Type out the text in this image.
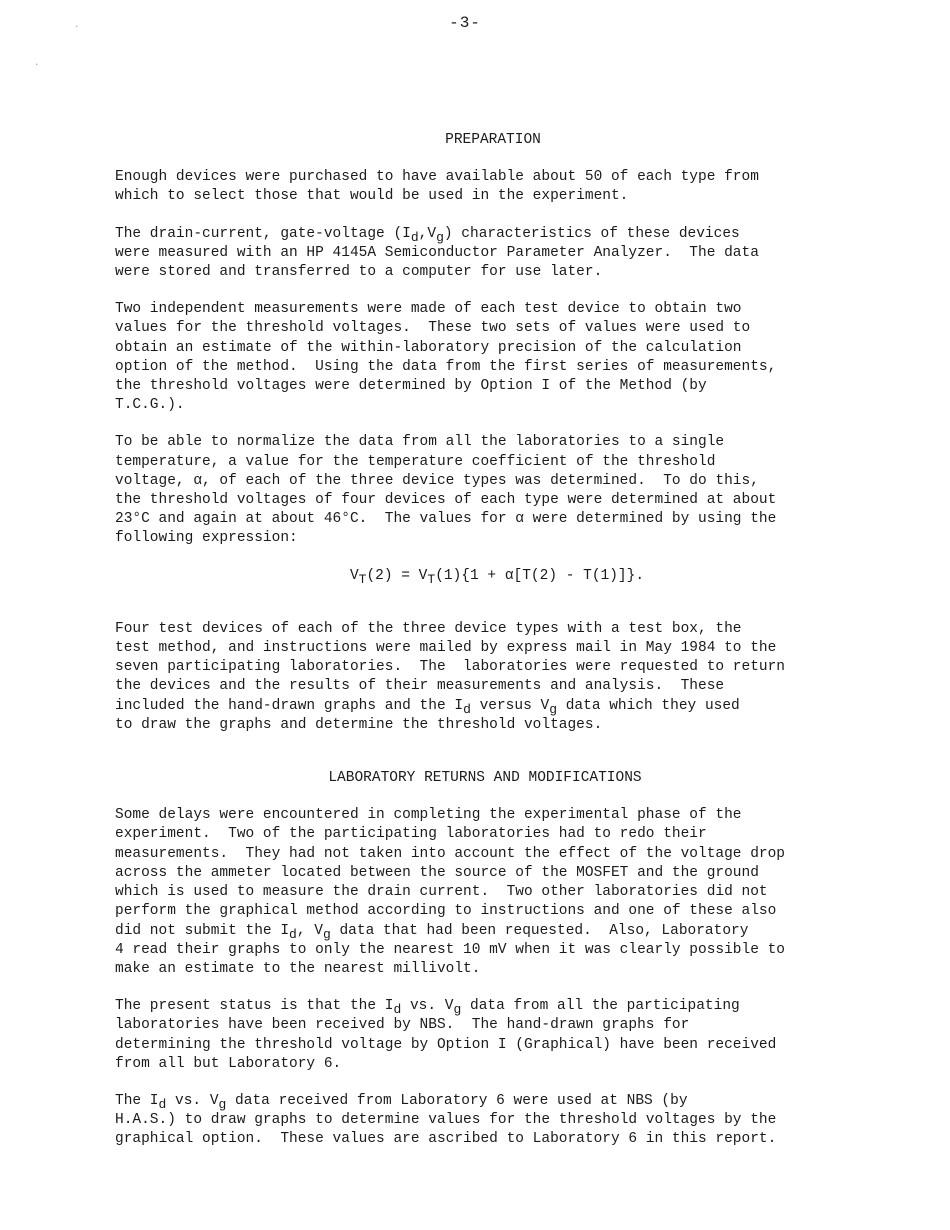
-3-
·
·
PREPARATION
Enough devices were purchased to have available about 50 of each type from
which to select those that would be used in the experiment.
The drain-current, gate-voltage $(I_d,V_g)$ characteristics of these devices
were measured with an HP 4145A Semiconductor Parameter Analyzer.  The data
were stored and transferred to a computer for use later.
Two independent measurements were made of each test device to obtain two
values for the threshold voltages.  These two sets of values were used to
obtain an estimate of the within-laboratory precision of the calculation
option of the method.  Using the data from the first series of measurements,
the threshold voltages were determined by Option I of the Method (by
T.C.G.).
To be able to normalize the data from all the laboratories to a single
temperature, a value for the temperature coefficient of the threshold
voltage, α, of each of the three device types was determined.  To do this,
the threshold voltages of four devices of each type were determined at about
23°C and again at about 46°C.  The values for α were determined by using the
following expression:
$V_T(2) = V_T(1)\{1 + \alpha[T(2) - T(1)]\}$.
Four test devices of each of the three device types with a test box, the
test method, and instructions were mailed by express mail in May 1984 to the
seven participating laboratories.  The  laboratories were requested to return
the devices and the results of their measurements and analysis.  These
included the hand-drawn graphs and the $I_d$ versus $V_g$ data which they used
to draw the graphs and determine the threshold voltages.
LABORATORY RETURNS AND MODIFICATIONS
Some delays were encountered in completing the experimental phase of the
experiment.  Two of the participating laboratories had to redo their
measurements.  They had not taken into account the effect of the voltage drop
across the ammeter located between the source of the MOSFET and the ground
which is used to measure the drain current.  Two other laboratories did not
perform the graphical method according to instructions and one of these also
did not submit the $I_d$, $V_g$ data that had been requested.  Also, Laboratory
4 read their graphs to only the nearest 10 mV when it was clearly possible to
make an estimate to the nearest millivolt.
The present status is that the $I_d$ vs. $V_g$ data from all the participating
laboratories have been received by NBS.  The hand-drawn graphs for
determining the threshold voltage by Option I (Graphical) have been received
from all but Laboratory 6.
The $I_d$ vs. $V_g$ data received from Laboratory 6 were used at NBS (by
H.A.S.) to draw graphs to determine values for the threshold voltages by the
graphical option.  These values are ascribed to Laboratory 6 in this report.
